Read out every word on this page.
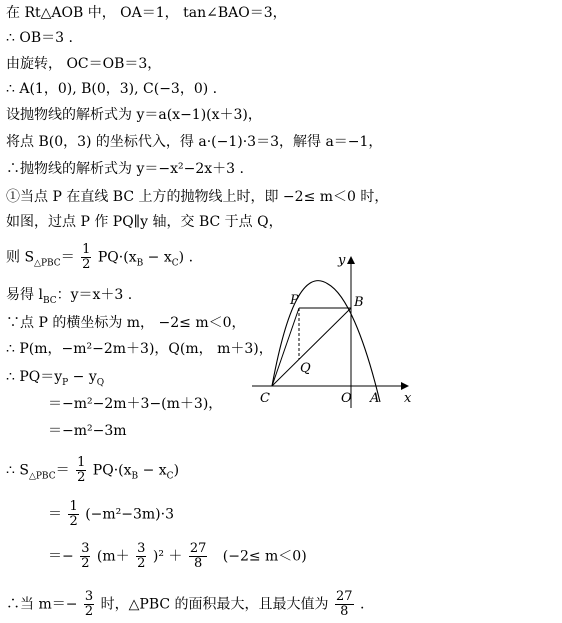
在 Rt△AOB 中， OA＝1， tan∠BAO＝3，
∴ OB＝3 .
由旋转， OC＝OB＝3，
∴ A(1，0), B(0，3), C(−3，0) .
设抛物线的解析式为 y＝a(x−1)(x＋3)，
将点 B(0，3) 的坐标代入，得 a·(−1)·3＝3，解得 a＝−1，
∴抛物线的解析式为 y＝−x²−2x＋3 .
①当点 P 在直线 BC 上方的抛物线上时，即 −2≤ m＜0 时，
如图，过点 P 作 PQ∥y 轴，交 BC 于点 Q，
则 $S_{\triangle PBC}= \frac{1}{2} PQ\cdot(x_B - x_C)$ .
易得 $l_{BC}$：y＝x＋3 .
∵点 P 的横坐标为 m， −2≤ m＜0，
∴ P(m，−m²−2m＋3)，Q(m， m＋3)，
∴ $PQ=y_P - y_Q$
＝−m²−2m＋3−(m＋3)，
＝−m²−3m
∴ $S_{\triangle PBC}= \frac{1}{2} PQ\cdot(x_B - x_C)$
＝ $\frac{1}{2} (-m^2-3m)\cdot 3$
＝− $\frac{3}{2} (m+ \frac{3}{2} )^2 + \frac{27}{8} (-2\le m<0)$
∴当 $m=- \frac{3}{2}$ 时，△PBC 的面积最大，且最大值为 $\frac{27}{8}$ .
y
x
P	B
Q
C	O A
